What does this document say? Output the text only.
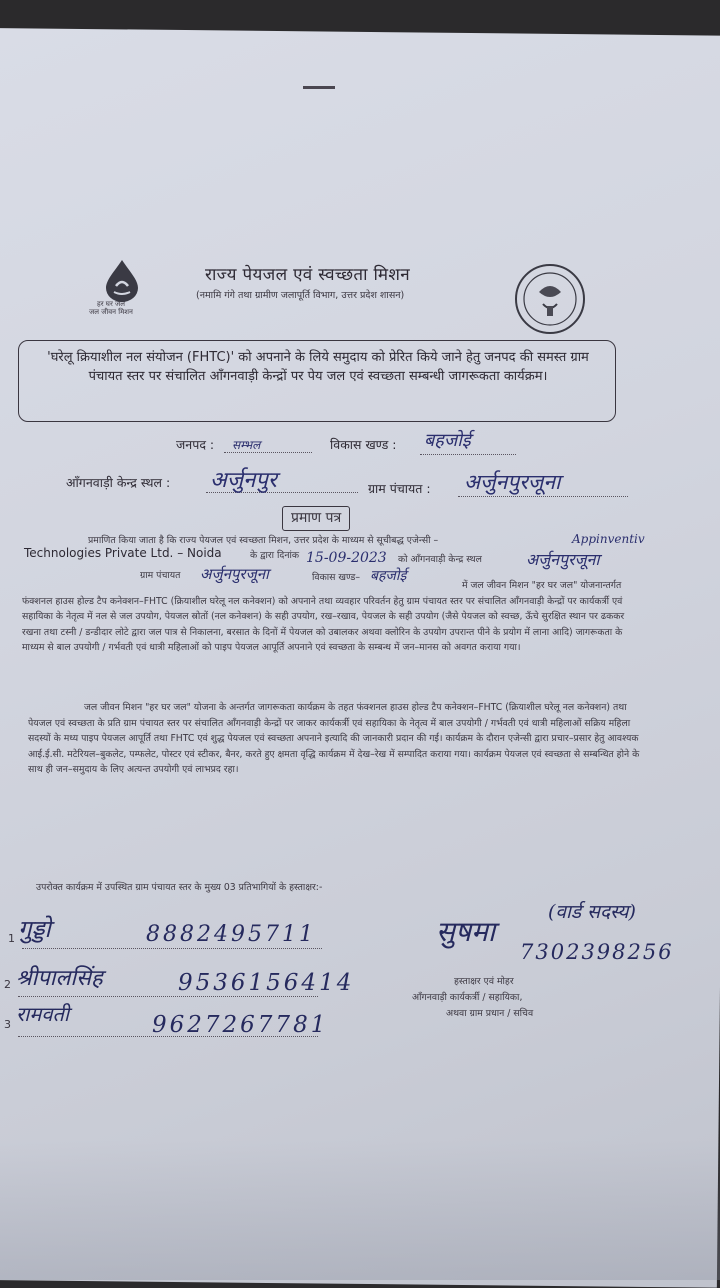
हर घर जल
जल जीवन मिशन
राज्य पेयजल एवं स्वच्छता मिशन
(नमामि गंगे तथा ग्रामीण जलापूर्ति विभाग, उत्तर प्रदेश शासन)
'घरेलू क्रियाशील नल संयोजन (FHTC)' को अपनाने के लिये समुदाय को प्रेरित किये जाने हेतु जनपद की समस्त ग्राम पंचायत स्तर पर संचालित आँगनवाड़ी केन्द्रों पर पेय जल एवं स्वच्छता सम्बन्धी जागरूकता कार्यक्रम।
जनपद : सम्भल	विकास खण्ड : बहजोई
आँगनवाड़ी केन्द्र स्थल : अर्जुनपुर	ग्राम पंचायत : अर्जुनपुरजूना
प्रमाण पत्र
प्रमाणित किया जाता है कि राज्य पेयजल एवं स्वच्छता मिशन, उत्तर प्रदेश के माध्यम से सूचीबद्ध एजेन्सी –	Appinventiv
Technologies Private Ltd. – Noida	के द्वारा दिनांक 15-09-2023 को आँगनवाड़ी केन्द्र स्थल	अर्जुनपुरजूना
ग्राम पंचायत अर्जुनपुरजूना	विकास खण्ड– बहजोई
में जल जीवन मिशन "हर घर जल" योजनान्तर्गत फंक्शनल हाउस होल्ड टैप कनेक्शन–FHTC (क्रियाशील घरेलू नल कनेक्शन) को अपनाने तथा व्यवहार परिवर्तन हेतु ग्राम पंचायत स्तर पर संचालित आँगनवाड़ी केन्द्रों पर कार्यकर्त्री एवं सहायिका के नेतृत्व में नल से जल उपयोग, पेयजल स्रोतों (नल कनेक्शन) के सही उपयोग, रख–रखाव, पेयजल के सही उपयोग (जैसे पेयजल को स्वच्छ, ऊँचे सुरक्षित स्थान पर ढककर रखना तथा टस्नी / डन्डीदार लोटे द्वारा जल पात्र से निकालना, बरसात के दिनों में पेयजल को उबालकर अथवा क्लोरिन के उपयोग उपरान्त पीने के प्रयोग में लाना आदि) जागरूकता के माध्यम से बाल उपयोगी / गर्भवती एवं धात्री महिलाओं को पाइप पेयजल आपूर्ति अपनाने एवं स्वच्छता के सम्बन्ध में जन–मानस को अवगत कराया गया।
जल जीवन मिशन "हर घर जल" योजना के अन्तर्गत जागरूकता कार्यक्रम के तहत फंक्शनल हाउस होल्ड टैप कनेक्शन–FHTC (क्रियाशील घरेलू नल कनेक्शन) तथा पेयजल एवं स्वच्छता के प्रति ग्राम पंचायत स्तर पर संचालित आँगनवाड़ी केन्द्रों पर जाकर कार्यकर्त्री एवं सहायिका के नेतृत्व में बाल उपयोगी / गर्भवती एवं धात्री महिलाओं सक्रिय महिला सदस्यों के मध्य पाइप पेयजल आपूर्ति तथा FHTC एवं शुद्ध पेयजल एवं स्वच्छता अपनाने इत्यादि की जानकारी प्रदान की गई। कार्यक्रम के दौरान एजेन्सी द्वारा प्रचार–प्रसार हेतु आवश्यक आई.ई.सी. मटेरियल–बुकलेट, पम्फलेट, पोस्टर एवं स्टीकर, बैनर, करते हुए क्षमता वृद्धि कार्यक्रम में देख–रेख में सम्पादित कराया गया। कार्यक्रम पेयजल एवं स्वच्छता से सम्बन्धित होने के साथ ही जन–समुदाय के लिए अत्यन्त उपयोगी एवं लाभप्रद रहा।
उपरोक्त कार्यक्रम में उपस्थित ग्राम पंचायत स्तर के मुख्य 03 प्रतिभागियों के हस्ताक्षर:-
1 गुड्डो	8882495711
2 श्रीपालसिंह	9536156414
3 रामवती	9627267781
सुषमा
(वार्ड सदस्य)
7302398256
हस्ताक्षर एवं मोहर
आँगनवाड़ी कार्यकर्त्री / सहायिका,
अथवा ग्राम प्रधान / सचिव
